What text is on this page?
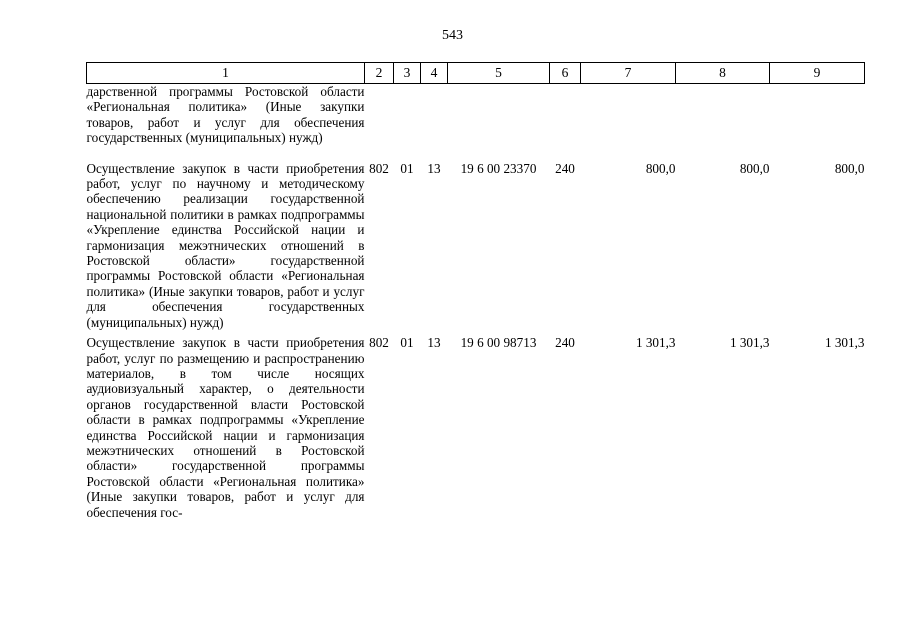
543
1	2	3	4	5	6	7	8	9
дарственной программы Ростовской области «Региональная политика» (Иные закупки товаров, работ и услуг для обеспечения государственных (муниципальных) нужд)								
Осуществление закупок в части приобретения работ, услуг по научному и методическому обеспечению реализации государственной национальной политики в рамках подпрограммы «Укрепление единства Российской нации и гармонизация межэтнических отношений в Ростовской области» государственной программы Ростовской области «Региональная политика» (Иные закупки товаров, работ и услуг для обеспечения государственных (муниципальных) нужд)	802	01	13	19 6 00 23370	240	800,0	800,0	800,0
Осуществление закупок в части приобретения работ, услуг по размещению и распространению материалов, в том числе носящих аудиовизуальный характер, о деятельности органов государственной власти Ростовской области в рамках подпрограммы «Укрепление единства Российской нации и гармонизация межэтнических отношений в Ростовской области» государственной программы Ростовской области «Региональная политика» (Иные закупки товаров, работ и услуг для обеспечения гос-	802	01	13	19 6 00 98713	240	1 301,3	1 301,3	1 301,3
